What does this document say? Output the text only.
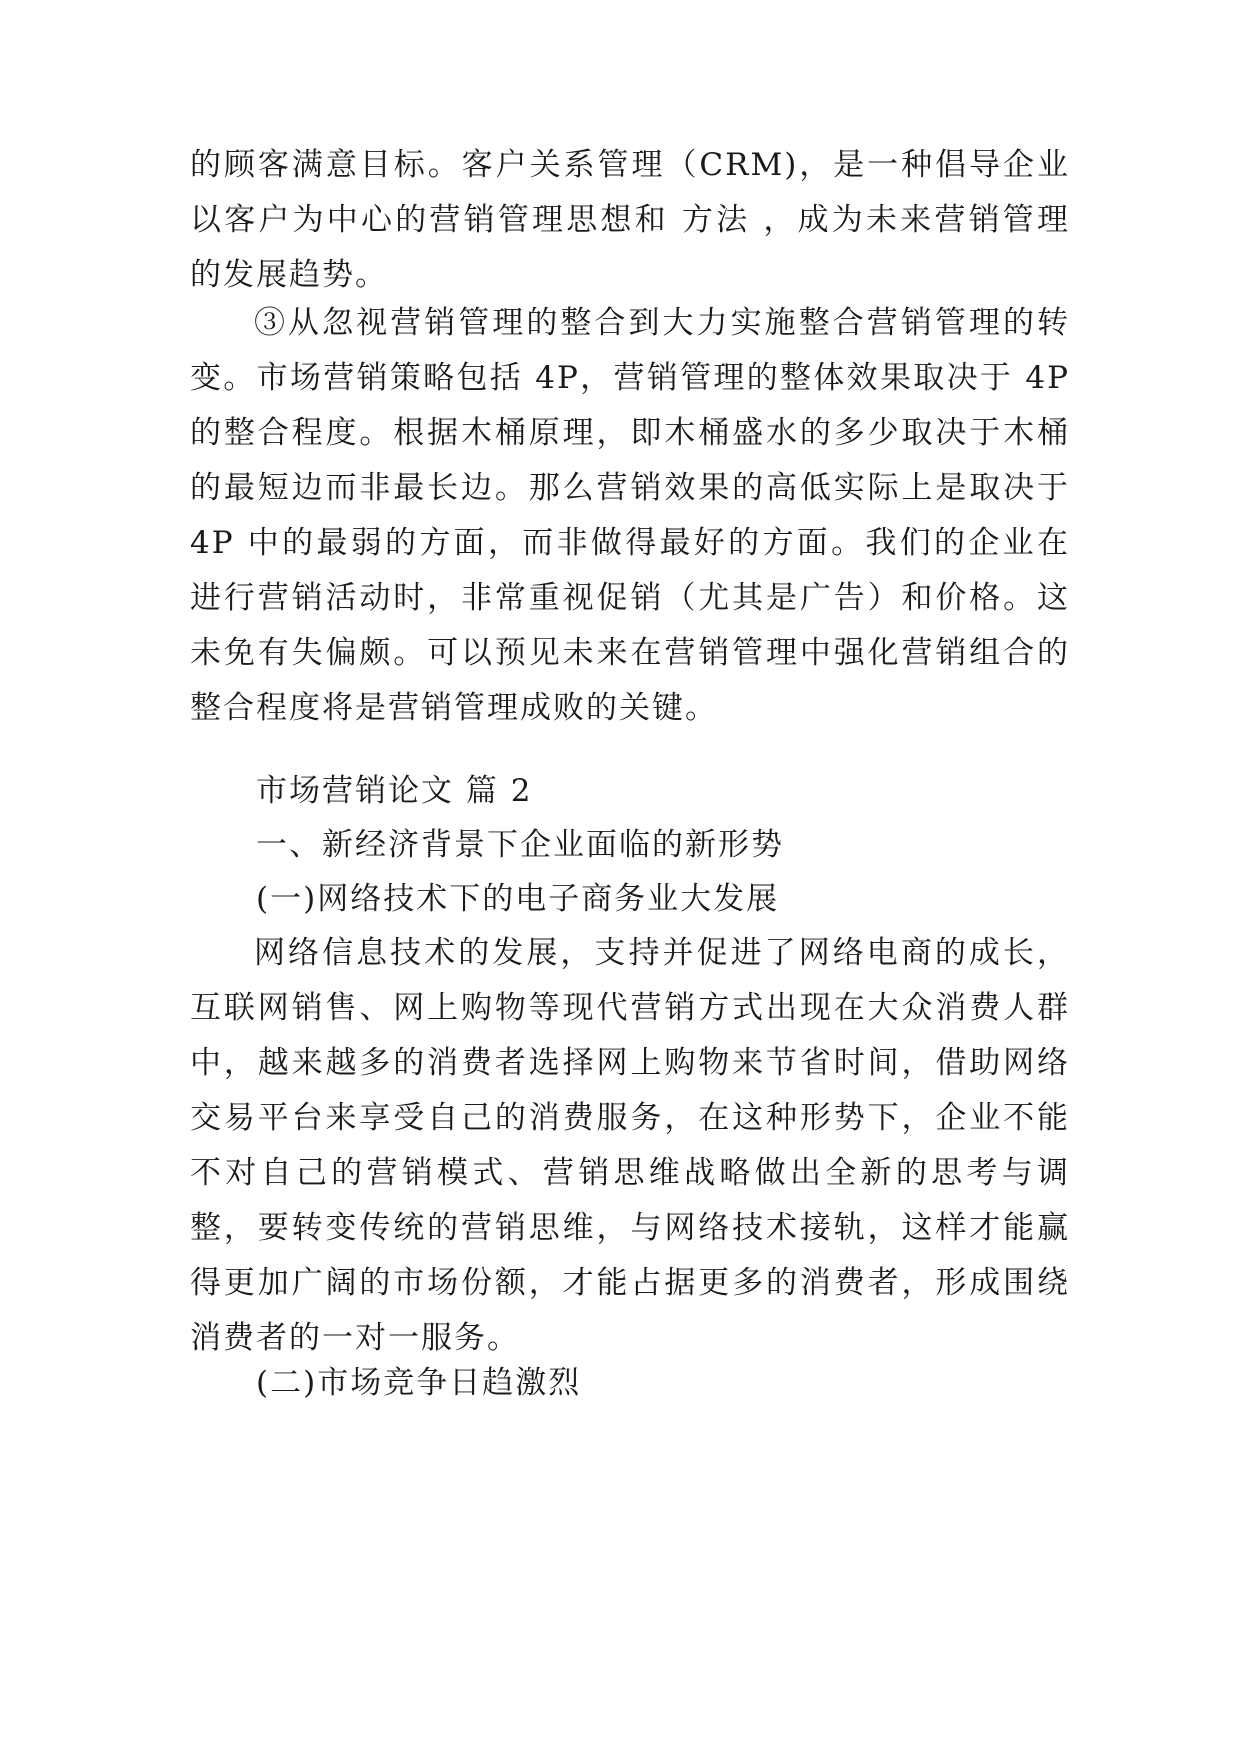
的顾客满意目标。客户关系管理（CRM)，是一种倡导企业以客户为中心的营销管理思想和 方法 ，成为未来营销管理的发展趋势。

③从忽视营销管理的整合到大力实施整合营销管理的转变。市场营销策略包括 4P，营销管理的整体效果取决于 4P 的整合程度。根据木桶原理，即木桶盛水的多少取决于木桶的最短边而非最长边。那么营销效果的高低实际上是取决于 4P 中的最弱的方面，而非做得最好的方面。我们的企业在进行营销活动时，非常重视促销（尤其是广告）和价格。这未免有失偏颇。可以预见未来在营销管理中强化营销组合的整合程度将是营销管理成败的关键。

市场营销论文 篇 2

一、新经济背景下企业面临的新形势

(一)网络技术下的电子商务业大发展

网络信息技术的发展，支持并促进了网络电商的成长，互联网销售、网上购物等现代营销方式出现在大众消费人群中，越来越多的消费者选择网上购物来节省时间，借助网络交易平台来享受自己的消费服务，在这种形势下，企业不能不对自己的营销模式、营销思维战略做出全新的思考与调整，要转变传统的营销思维，与网络技术接轨，这样才能赢得更加广阔的市场份额，才能占据更多的消费者，形成围绕消费者的一对一服务。

(二)市场竞争日趋激烈
